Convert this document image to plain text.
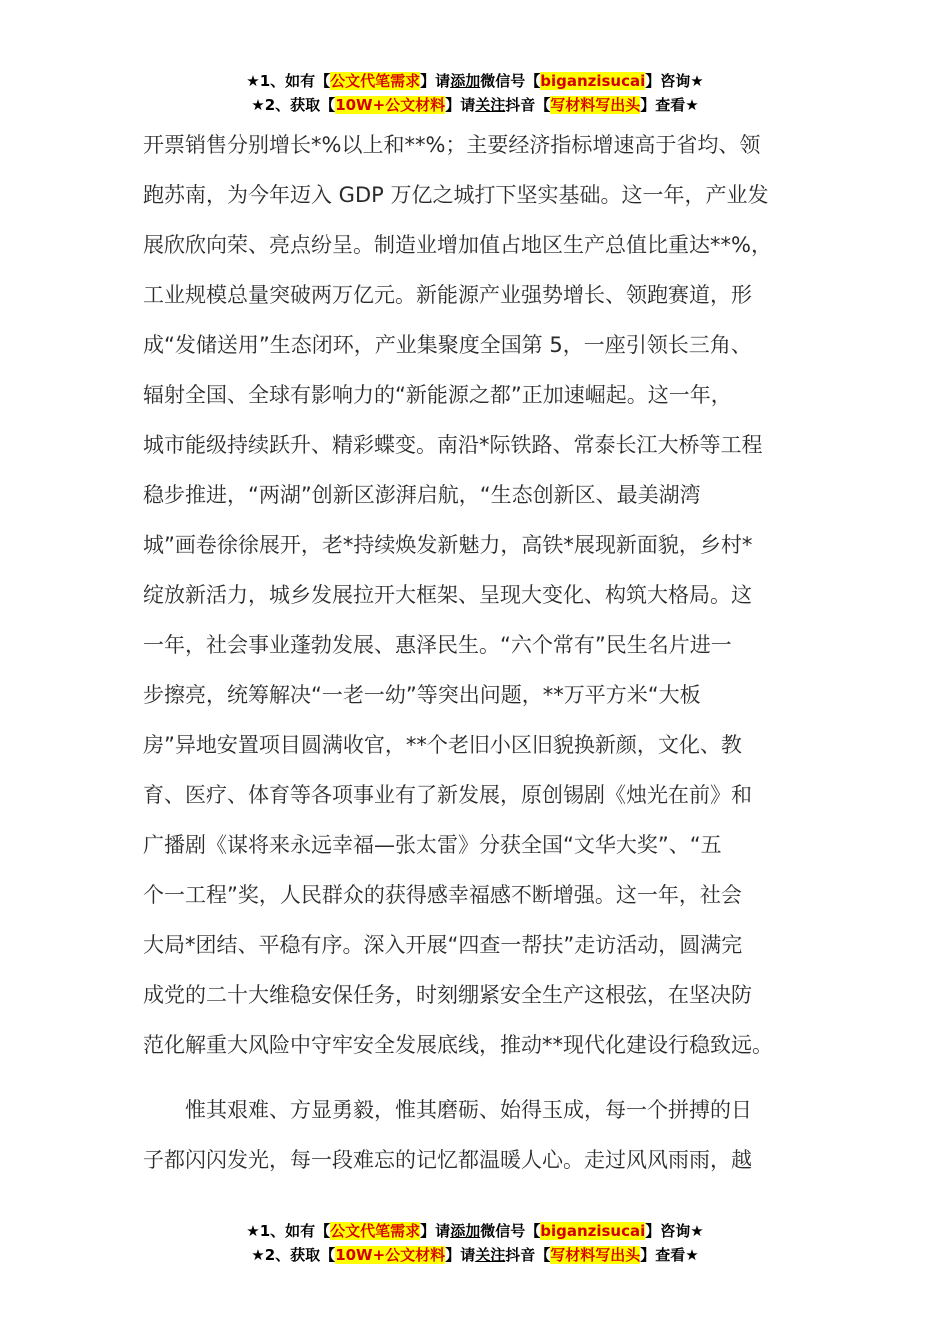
★1、如有【公文代笔需求】请添加微信号【biganzisucai】咨询★
★2、获取【10W+公文材料】请关注抖音【写材料写出头】查看★
开票销售分别增长*%以上和**%；主要经济指标增速高于省均、领
跑苏南，为今年迈入 GDP 万亿之城打下坚实基础。这一年，产业发
展欣欣向荣、亮点纷呈。制造业增加值占地区生产总值比重达**%，
工业规模总量突破两万亿元。新能源产业强势增长、领跑赛道，形
成“发储送用”生态闭环，产业集聚度全国第 5，一座引领长三角、
辐射全国、全球有影响力的“新能源之都”正加速崛起。这一年，
城市能级持续跃升、精彩蝶变。南沿*际铁路、常泰长江大桥等工程
稳步推进，“两湖”创新区澎湃启航，“生态创新区、最美湖湾
城”画卷徐徐展开，老*持续焕发新魅力，高铁*展现新面貌，乡村*
绽放新活力，城乡发展拉开大框架、呈现大变化、构筑大格局。这
一年，社会事业蓬勃发展、惠泽民生。“六个常有”民生名片进一
步擦亮，统筹解决“一老一幼”等突出问题，**万平方米“大板
房”异地安置项目圆满收官，**个老旧小区旧貌换新颜，文化、教
育、医疗、体育等各项事业有了新发展，原创锡剧《烛光在前》和
广播剧《谋将来永远幸福—张太雷》分获全国“文华大奖”、“五
个一工程”奖，人民群众的获得感幸福感不断增强。这一年，社会
大局*团结、平稳有序。深入开展“四查一帮扶”走访活动，圆满完
成党的二十大维稳安保任务，时刻绷紧安全生产这根弦，在坚决防
范化解重大风险中守牢安全发展底线，推动**现代化建设行稳致远。
　　惟其艰难、方显勇毅，惟其磨砺、始得玉成，每一个拼搏的日
子都闪闪发光，每一段难忘的记忆都温暖人心。走过风风雨雨，越
★1、如有【公文代笔需求】请添加微信号【biganzisucai】咨询★
★2、获取【10W+公文材料】请关注抖音【写材料写出头】查看★
